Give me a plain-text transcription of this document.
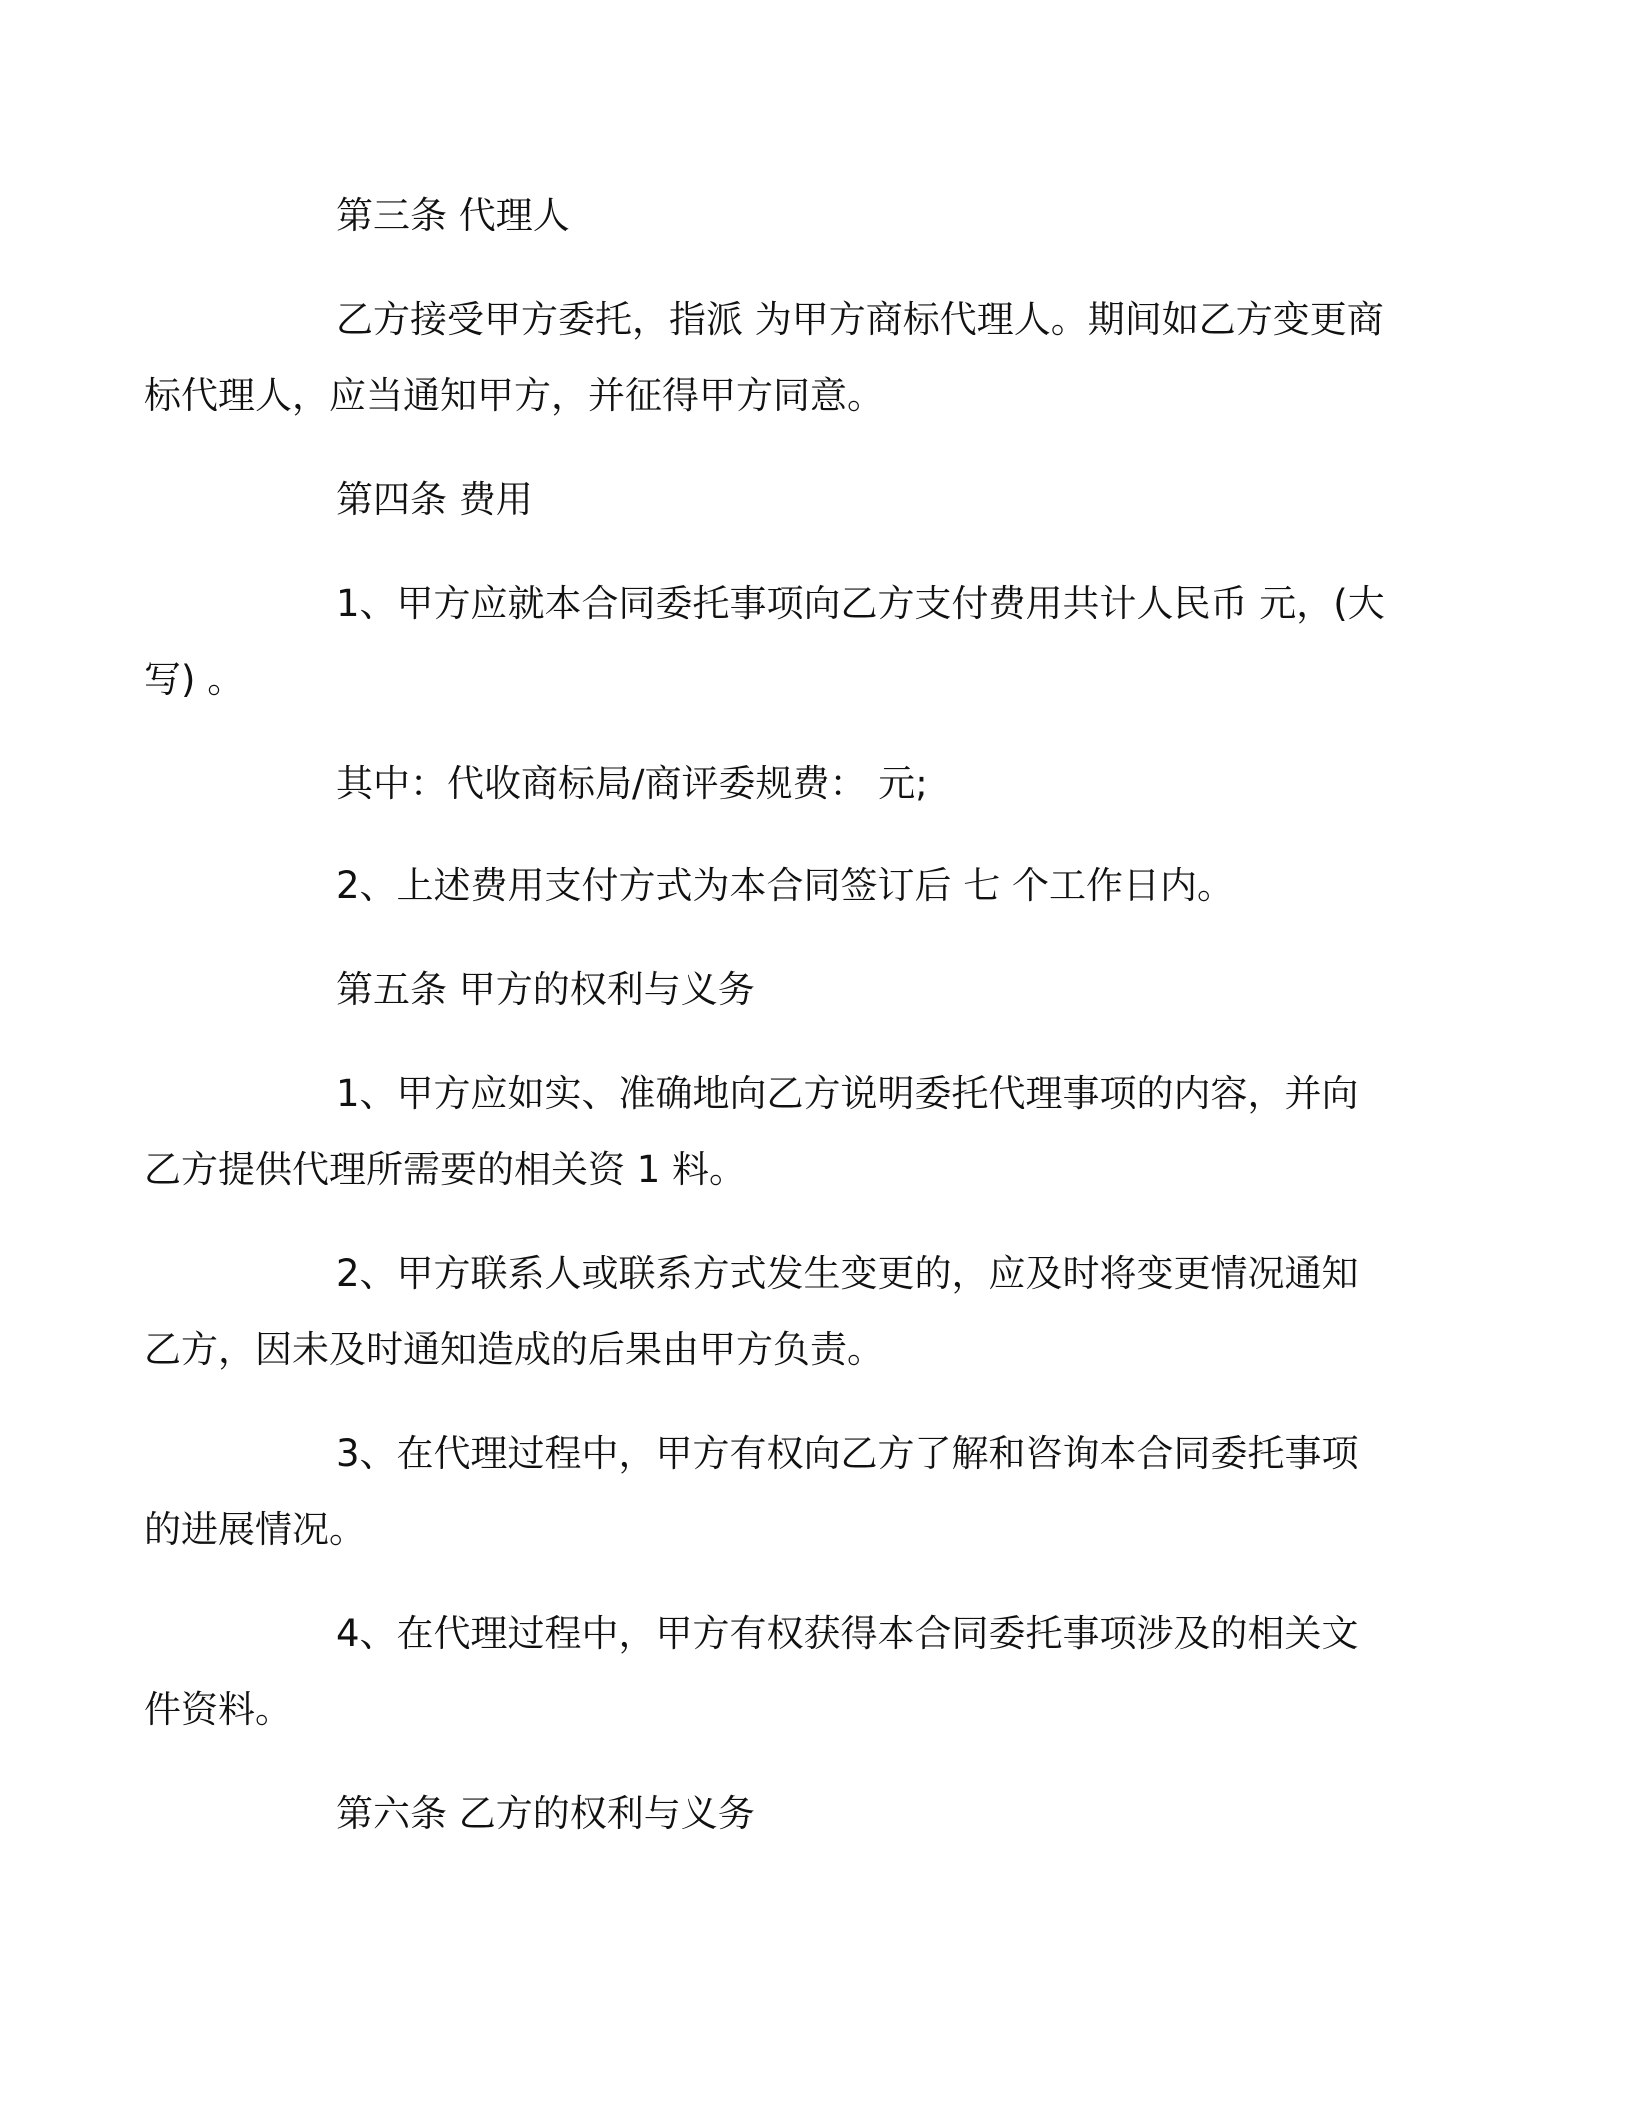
第三条 代理人

乙方接受甲方委托，指派 为甲方商标代理人。期间如乙方变更商
标代理人，应当通知甲方，并征得甲方同意。

第四条 费用

1、甲方应就本合同委托事项向乙方支付费用共计人民币 元，(大
写) 。

其中：代收商标局/商评委规费： 元;

2、上述费用支付方式为本合同签订后 七 个工作日内。

第五条 甲方的权利与义务

1、甲方应如实、准确地向乙方说明委托代理事项的内容，并向
乙方提供代理所需要的相关资 1 料。

2、甲方联系人或联系方式发生变更的，应及时将变更情况通知
乙方，因未及时通知造成的后果由甲方负责。

3、在代理过程中，甲方有权向乙方了解和咨询本合同委托事项
的进展情况。

4、在代理过程中，甲方有权获得本合同委托事项涉及的相关文
件资料。

第六条 乙方的权利与义务
